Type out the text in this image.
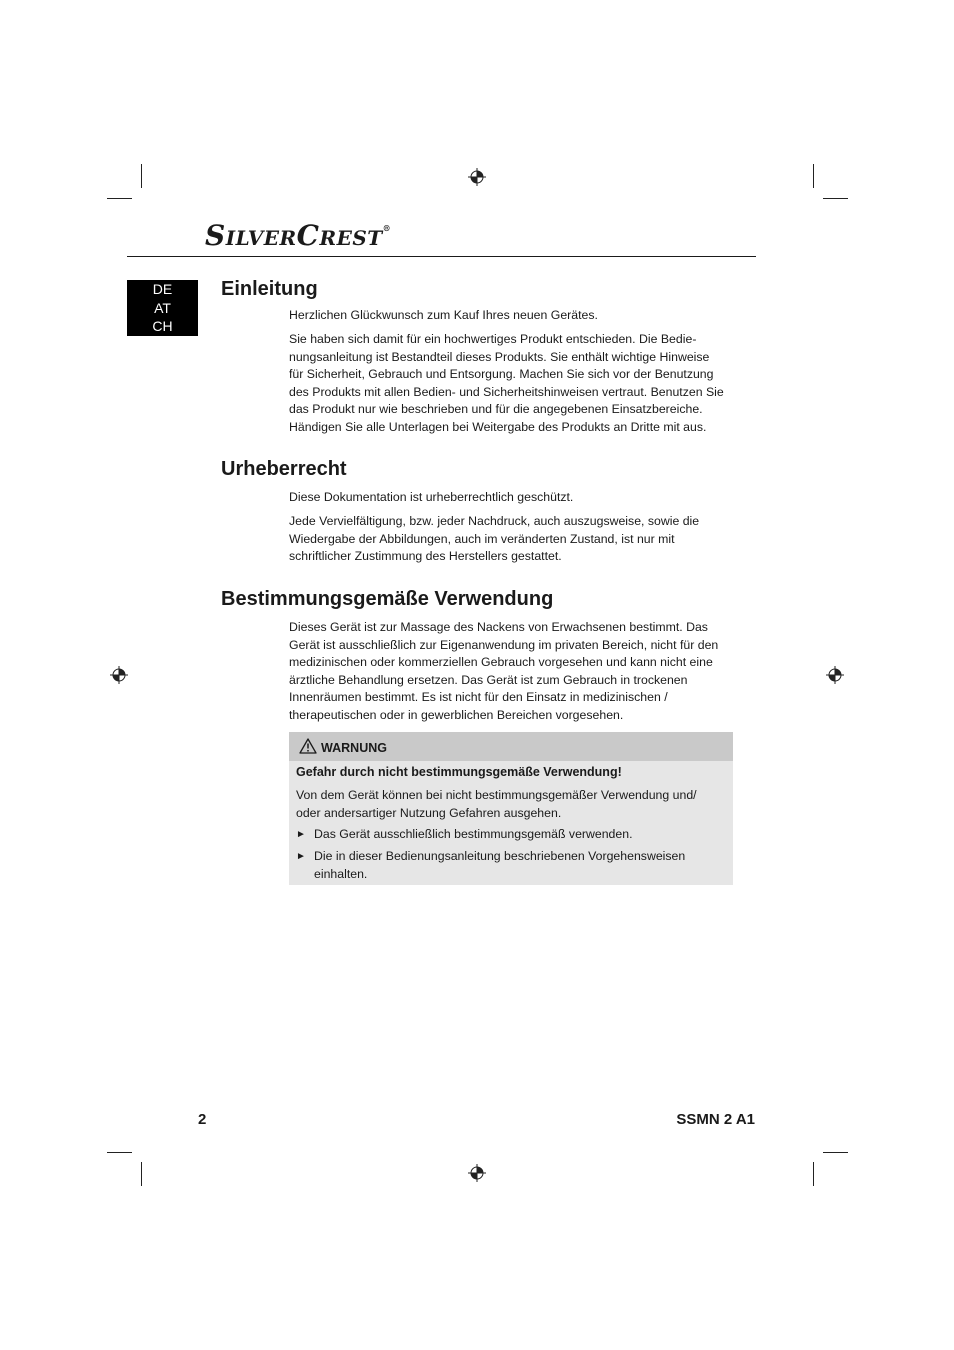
SILVERCREST®
DE
AT
CH
Einleitung

Herzlichen Glückwunsch zum Kauf Ihres neuen Gerätes.

Sie haben sich damit für ein hochwertiges Produkt entschieden. Die Bedienungsanleitung ist Bestandteil dieses Produkts. Sie enthält wichtige Hinweise für Sicherheit, Gebrauch und Entsorgung. Machen Sie sich vor der Benutzung des Produkts mit allen Bedien- und Sicherheitshinweisen vertraut. Benutzen Sie das Produkt nur wie beschrieben und für die angegebenen Einsatzbereiche. Händigen Sie alle Unterlagen bei Weitergabe des Produkts an Dritte mit aus.

Urheberrecht

Diese Dokumentation ist urheberrechtlich geschützt.

Jede Vervielfältigung, bzw. jeder Nachdruck, auch auszugsweise, sowie die Wiedergabe der Abbildungen, auch im veränderten Zustand, ist nur mit schriftlicher Zustimmung des Herstellers gestattet.

Bestimmungsgemäße Verwendung

Dieses Gerät ist zur Massage des Nackens von Erwachsenen bestimmt. Das Gerät ist ausschließlich zur Eigenanwendung im privaten Bereich, nicht für den medizinischen oder kommerziellen Gebrauch vorgesehen und kann nicht eine ärztliche Behandlung ersetzen. Das Gerät ist zum Gebrauch in trockenen Innenräumen bestimmt. Es ist nicht für den Einsatz in medizinischen / therapeutischen oder in gewerblichen Bereichen vorgesehen.

WARNUNG
Gefahr durch nicht bestimmungsgemäße Verwendung!
Von dem Gerät können bei nicht bestimmungsgemäßer Verwendung und/ oder andersartiger Nutzung Gefahren ausgehen.
► Das Gerät ausschließlich bestimmungsgemäß verwenden.
► Die in dieser Bedienungsanleitung beschriebenen Vorgehensweisen einhalten.
2	SSMN 2 A1
